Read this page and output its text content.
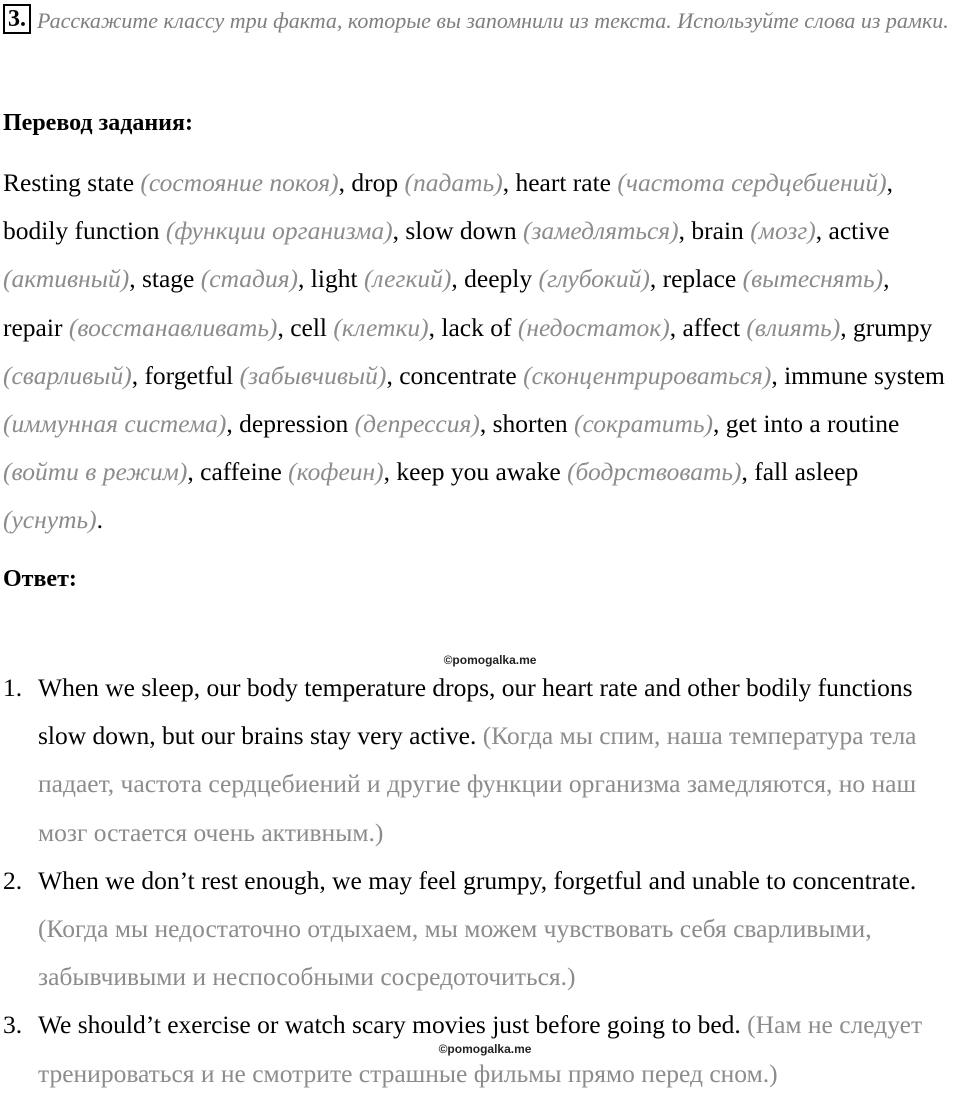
3. Расскажите классу три факта, которые вы запомнили из текста. Используйте слова из рамки.
Перевод задания:
Resting state (состояние покоя), drop (падать), heart rate (частота сердцебиений), bodily function (функции организма), slow down (замедляться), brain (мозг), active (активный), stage (стадия), light (легкий), deeply (глубокий), replace (вытеснять), repair (восстанавливать), cell (клетки), lack of (недостаток), affect (влиять), grumpy (сварливый), forgetful (забывчивый), concentrate (сконцентрироваться), immune system (иммунная система), depression (депрессия), shorten (сократить), get into a routine (войти в режим), caffeine (кофеин), keep you awake (бодрствовать), fall asleep (уснуть).
Ответ:
©pomogalka.me
1. When we sleep, our body temperature drops, our heart rate and other bodily functions slow down, but our brains stay very active. (Когда мы спим, наша температура тела падает, частота сердцебиений и другие функции организма замедляются, но наш мозг остается очень активным.)
2. When we don’t rest enough, we may feel grumpy, forgetful and unable to concentrate. (Когда мы недостаточно отдыхаем, мы можем чувствовать себя сварливыми, забывчивыми и неспособными сосредоточиться.)
3. We should’t exercise or watch scary movies just before going to bed. (Нам не следует тренироваться и не смотрите страшные фильмы прямо перед сном.)
©pomogalka.me
